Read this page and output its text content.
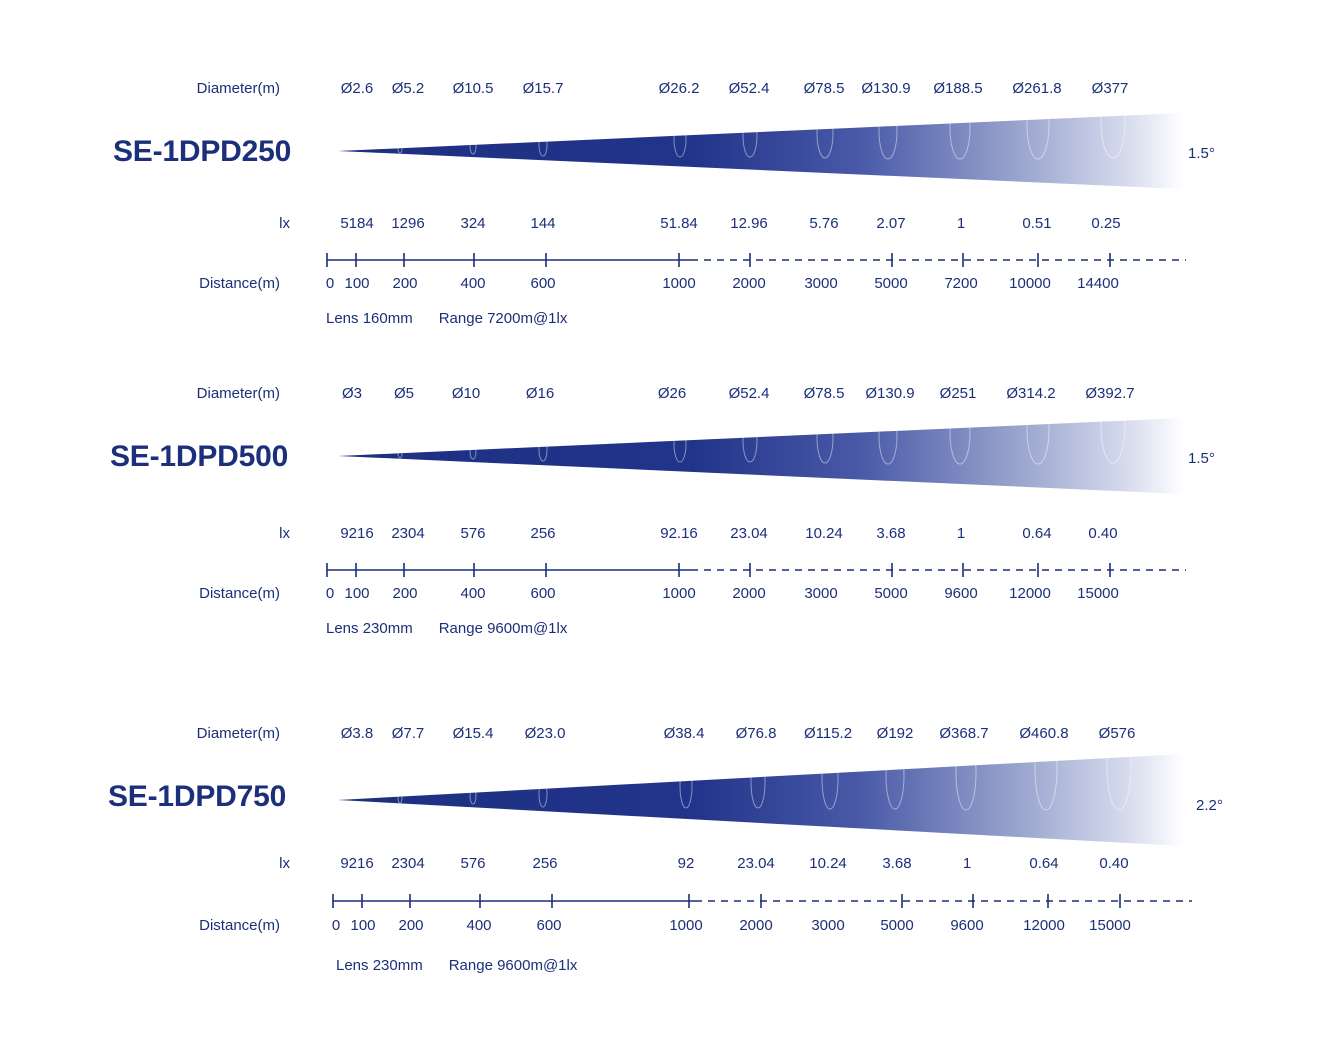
Diameter(m)	Ø2.6 Ø5.2 Ø10.5 Ø15.7	Ø26.2 Ø52.4 Ø78.5 Ø130.9 Ø188.5 Ø261.8 Ø377
SE-1DPD250	1.5°
lx	5184 1296 324	144	51.84 12.96	5.76	2.07	1	0.51	0.25
Distance(m)	0 100 200	400	600	1000 2000	3000 5000 7200 10000 14400
Lens 160mm Range 7200m@1lx
Diameter(m)	Ø3 Ø5	Ø10	Ø16	Ø26	Ø52.4 Ø78.5 Ø130.9 Ø251 Ø314.2 Ø392.7
SE-1DPD500	1.5°
lx	9216 2304 576	256	92.16 23.04 10.24 3.68	1	0.64 0.40
Distance(m)	0 100 200	400	600	1000 2000	3000 5000 9600 12000 15000
Lens 230mm Range 9600m@1lx
Diameter(m)	Ø3.8 Ø7.7 Ø15.4 Ø23.0	Ø38.4 Ø76.8 Ø115.2 Ø192 Ø368.7 Ø460.8 Ø576
SE-1DPD750	2.2°
lx	9216 2304 576	256	92	23.04 10.24 3.68	1	0.64	0.40
Distance(m)	0 100 200	400	600	1000 2000	3000 5000 9600	12000 15000
Lens 230mm Range 9600m@1lx
